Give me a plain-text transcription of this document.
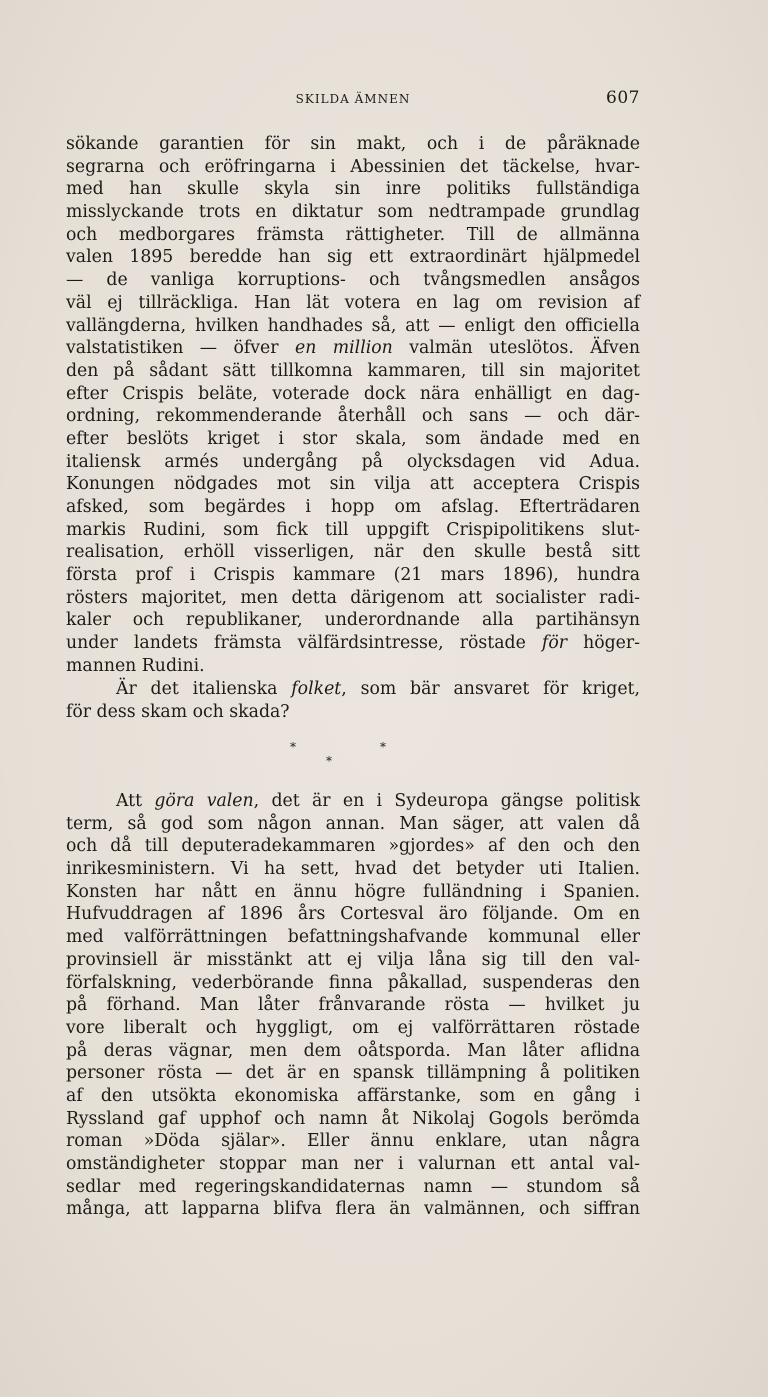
SKILDA ÄMNEN	607
sökande garantien för sin makt, och i de påräknade
segrarna och eröfringarna i Abessinien det täckelse, hvar-
med han skulle skyla sin inre politiks fullständiga
misslyckande trots en diktatur som nedtrampade grundlag
och medborgares främsta rättigheter. Till de allmänna
valen 1895 beredde han sig ett extraordinärt hjälpmedel
— de vanliga korruptions- och tvångsmedlen ansågos
väl ej tillräckliga. Han lät votera en lag om revision af
vallängderna, hvilken handhades så, att — enligt den officiella
valstatistiken — öfver en million valmän uteslötos. Äfven
den på sådant sätt tillkomna kammaren, till sin majoritet
efter Crispis beläte, voterade dock nära enhälligt en dag-
ordning, rekommenderande återhåll och sans — och där-
efter beslöts kriget i stor skala, som ändade med en
italiensk armés undergång på olycksdagen vid Adua.
Konungen nödgades mot sin vilja att acceptera Crispis
afsked, som begärdes i hopp om afslag. Efterträdaren
markis Rudini, som fick till uppgift Crispipolitikens slut-
realisation, erhöll visserligen, när den skulle bestå sitt
första prof i Crispis kammare (21 mars 1896), hundra
rösters majoritet, men detta därigenom att socialister radi-
kaler och republikaner, underordnande alla partihänsyn
under landets främsta välfärdsintresse, röstade för höger-
mannen Rudini.
Är det italienska folket, som bär ansvaret för kriget,
för dess skam och skada?
*
*
*
Att göra valen, det är en i Sydeuropa gängse politisk
term, så god som någon annan. Man säger, att valen då
och då till deputeradekammaren »gjordes» af den och den
inrikesministern. Vi ha sett, hvad det betyder uti Italien.
Konsten har nått en ännu högre fulländning i Spanien.
Hufvuddragen af 1896 års Cortesval äro följande. Om en
med valförrättningen befattningshafvande kommunal eller
provinsiell är misstänkt att ej vilja låna sig till den val-
förfalskning, vederbörande finna påkallad, suspenderas den
på förhand. Man låter frånvarande rösta — hvilket ju
vore liberalt och hyggligt, om ej valförrättaren röstade
på deras vägnar, men dem oåtsporda. Man låter aflidna
personer rösta — det är en spansk tillämpning å politiken
af den utsökta ekonomiska affärstanke, som en gång i
Ryssland gaf upphof och namn åt Nikolaj Gogols berömda
roman »Döda själar». Eller ännu enklare, utan några
omständigheter stoppar man ner i valurnan ett antal val-
sedlar med regeringskandidaternas namn — stundom så
många, att lapparna blifva flera än valmännen, och siffran
